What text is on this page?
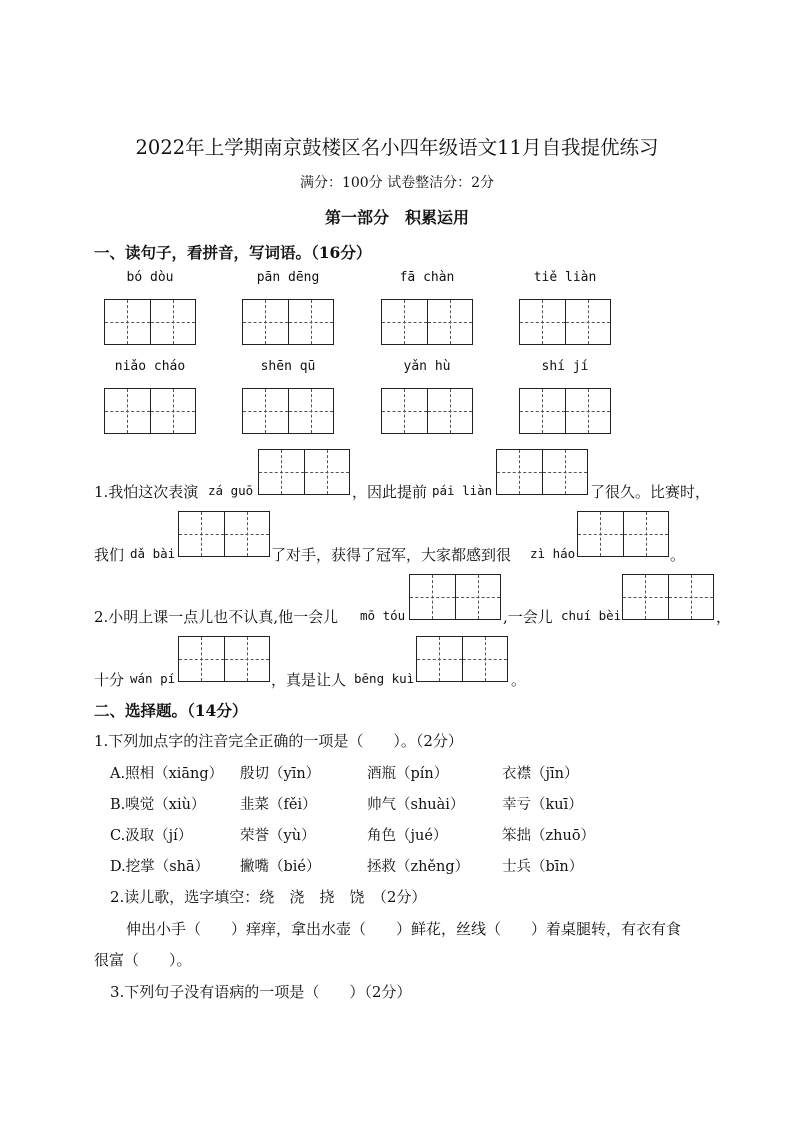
2022年上学期南京鼓楼区名小四年级语文11月自我提优练习
满分：100分 试卷整洁分：2分
第一部分　积累运用
一、读句子，看拼音，写词语。（16分）
bó dòu	pān dēng	fā chàn	tiě liàn
niǎo cháo	shēn qū	yǎn hù	shí jí
1.我怕这次表演 zá guō	，因此提前 pái liàn	了很久。比赛时，
我们 dǎ bài	了对手，获得了冠军，大家都感到很 zì háo	。
2.小明上课一点儿也不认真,他一会儿 mō tóu	,一会儿 chuí bèi	，
十分 wán pí	，真是让人 bēng kuì	。
二、选择题。（14分）
1.下列加点字的注音完全正确的一项是（　　）。（2分）
A.照相（xiāng） 殷切（yīn）	酒瓶（pín）	衣襟（jīn）
B.嗅觉（xiù） 韭菜（fěi）	帅气（shuài）	幸亏（kuī）
C.汲取（jí）	荣誉（yù）	角色（jué）	笨拙（zhuō）
D.挖掌（shā） 撇嘴（bié）	拯救（zhěng） 士兵（bīn）
2.读儿歌，选字填空：绕　浇　挠　饶　（2分）
伸出小手（　　）痒痒，拿出水壶（　　）鲜花，丝线（　　）着桌腿转，有衣有食
很富（　　）。
3.下列句子没有语病的一项是（　　）（2分）
